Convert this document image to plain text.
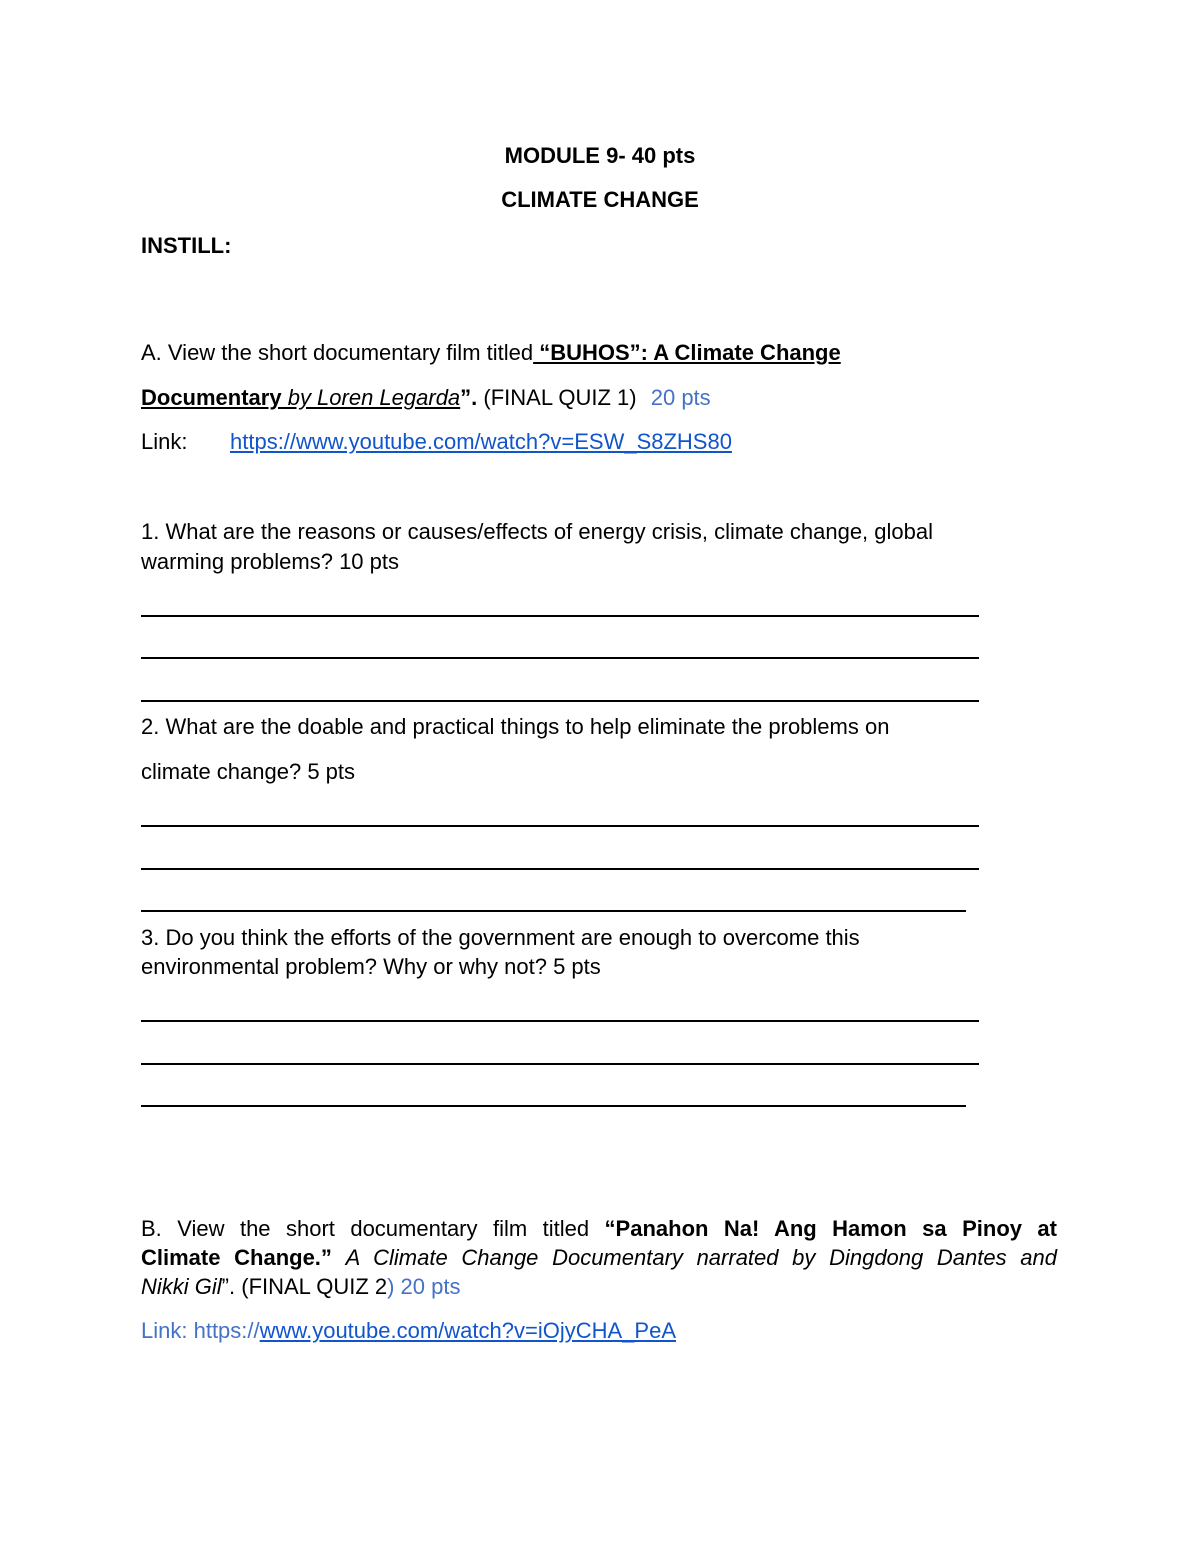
MODULE 9- 40 pts
CLIMATE CHANGE
INSTILL:
A. View the short documentary film titled “BUHOS”: A Climate Change
Documentary by Loren Legarda”. (FINAL QUIZ 1) 20 pts
Link: https://www.youtube.com/watch?v=ESW_S8ZHS80
1. What are the reasons or causes/effects of energy crisis, climate change, global
warming problems? 10 pts
2. What are the doable and practical things to help eliminate the problems on
climate change? 5 pts
3. Do you think the efforts of the government are enough to overcome this
environmental problem? Why or why not? 5 pts
B. View the short documentary film titled “Panahon Na! Ang Hamon sa Pinoy at
Climate Change.” A Climate Change Documentary narrated by Dingdong Dantes and
Nikki Gil”. (FINAL QUIZ 2) 20 pts
Link: https://www.youtube.com/watch?v=iOjyCHA_PeA
